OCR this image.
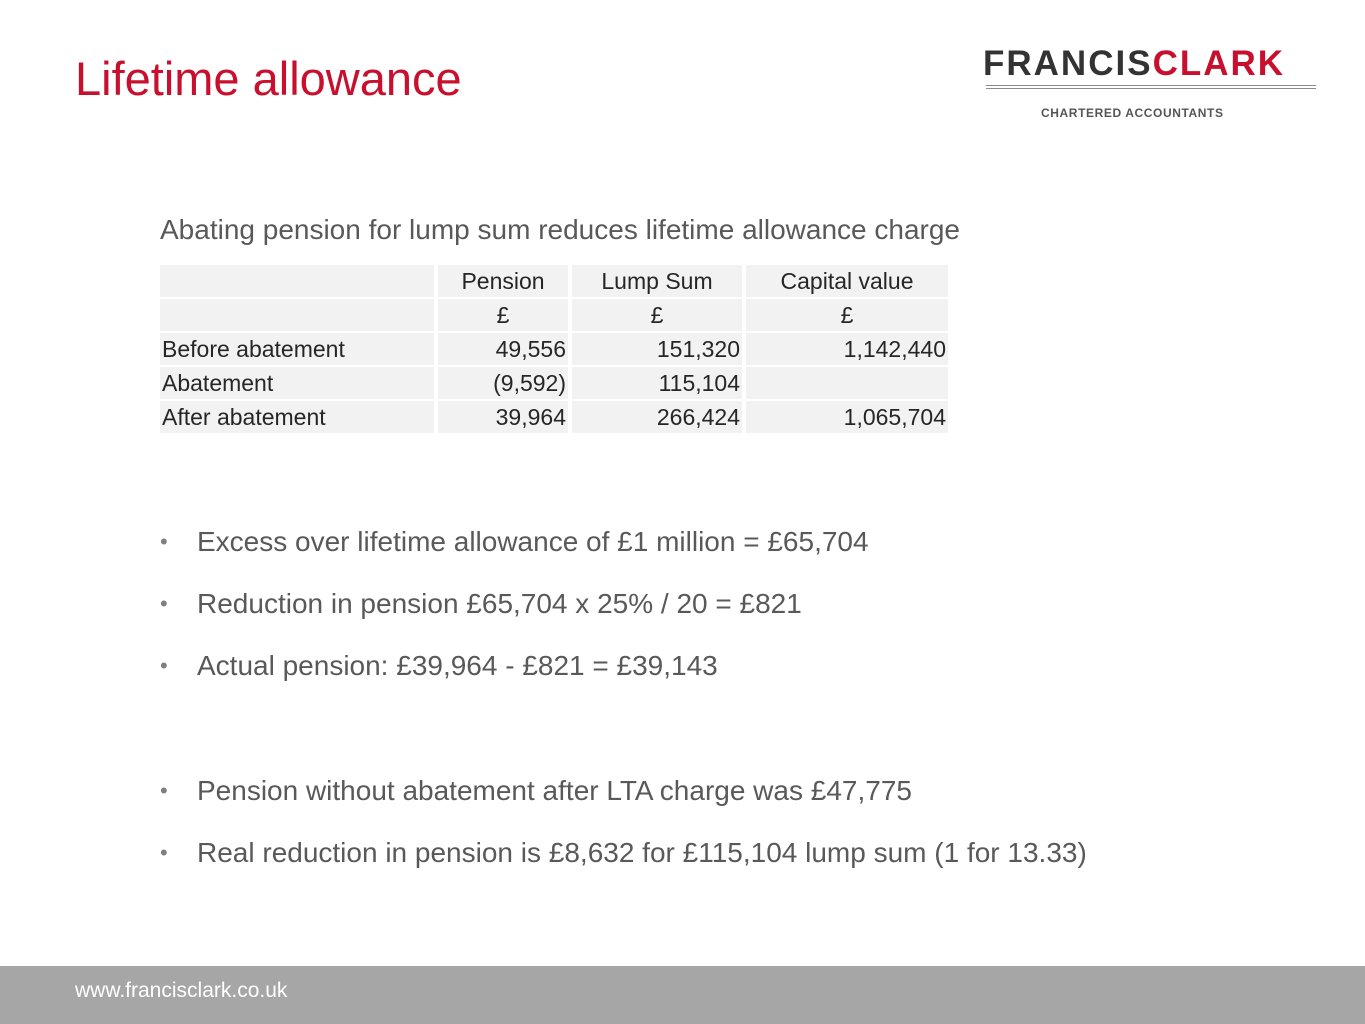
Lifetime allowance	FRANCISCLARK
CHARTERED ACCOUNTANTS
Abating pension for lump sum reduces lifetime allowance charge
	Pension	Lump Sum	Capital value
	£	£	£
Before abatement	49,556	151,320	1,142,440
Abatement	(9,592)	115,104	
After abatement	39,964	266,424	1,065,704
• Excess over lifetime allowance of £1 million = £65,704
• Reduction in pension £65,704 x 25% / 20 = £821
• Actual pension: £39,964 - £821 = £39,143
• Pension without abatement after LTA charge was £47,775
• Real reduction in pension is £8,632 for £115,104 lump sum (1 for 13.33)
www.francisclark.co.uk
